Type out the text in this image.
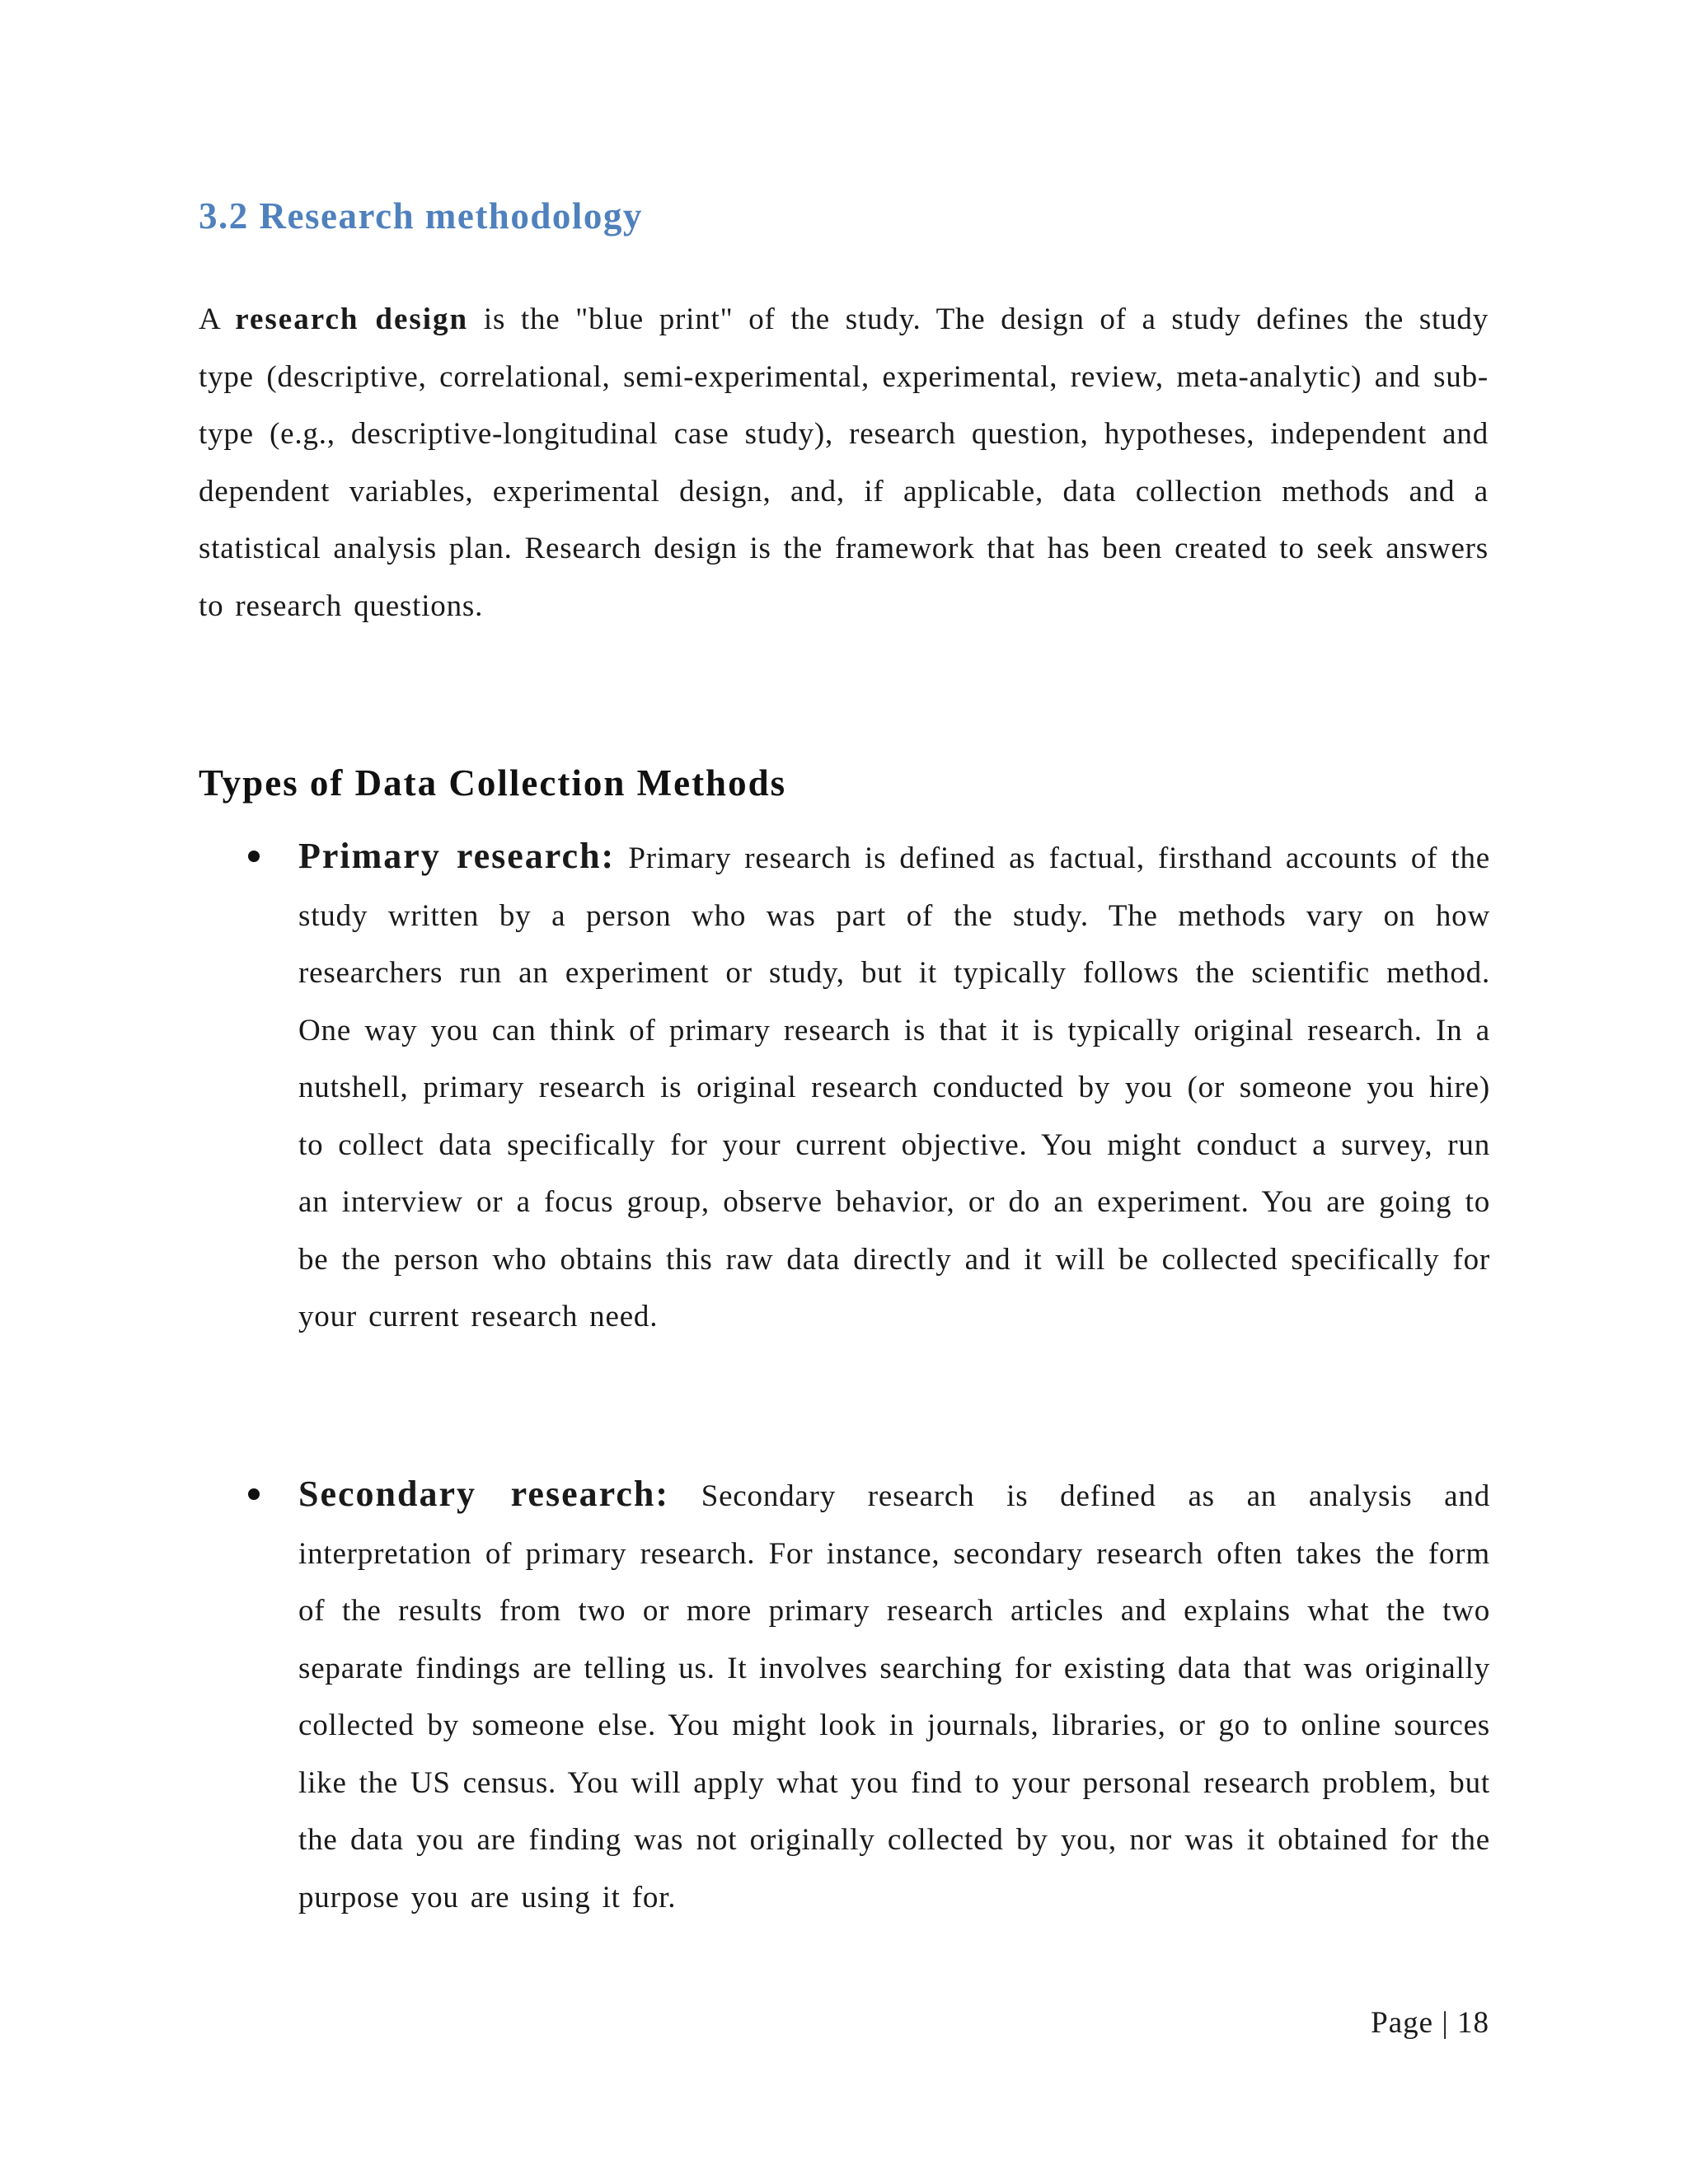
3.2 Research methodology

A research design is the "blue print" of the study. The design of a study defines the study type (descriptive, correlational, semi-experimental, experimental, review, meta-analytic) and sub-type (e.g., descriptive-longitudinal case study), research question, hypotheses, independent and dependent variables, experimental design, and, if applicable, data collection methods and a statistical analysis plan. Research design is the framework that has been created to seek answers to research questions.

Types of Data Collection Methods

Primary research: Primary research is defined as factual, firsthand accounts of the study written by a person who was part of the study. The methods vary on how researchers run an experiment or study, but it typically follows the scientific method. One way you can think of primary research is that it is typically original research. In a nutshell, primary research is original research conducted by you (or someone you hire) to collect data specifically for your current objective. You might conduct a survey, run an interview or a focus group, observe behavior, or do an experiment. You are going to be the person who obtains this raw data directly and it will be collected specifically for your current research need.

Secondary research: Secondary research is defined as an analysis and interpretation of primary research. For instance, secondary research often takes the form of the results from two or more primary research articles and explains what the two separate findings are telling us. It involves searching for existing data that was originally collected by someone else. You might look in journals, libraries, or go to online sources like the US census. You will apply what you find to your personal research problem, but the data you are finding was not originally collected by you, nor was it obtained for the purpose you are using it for.

Page | 18
